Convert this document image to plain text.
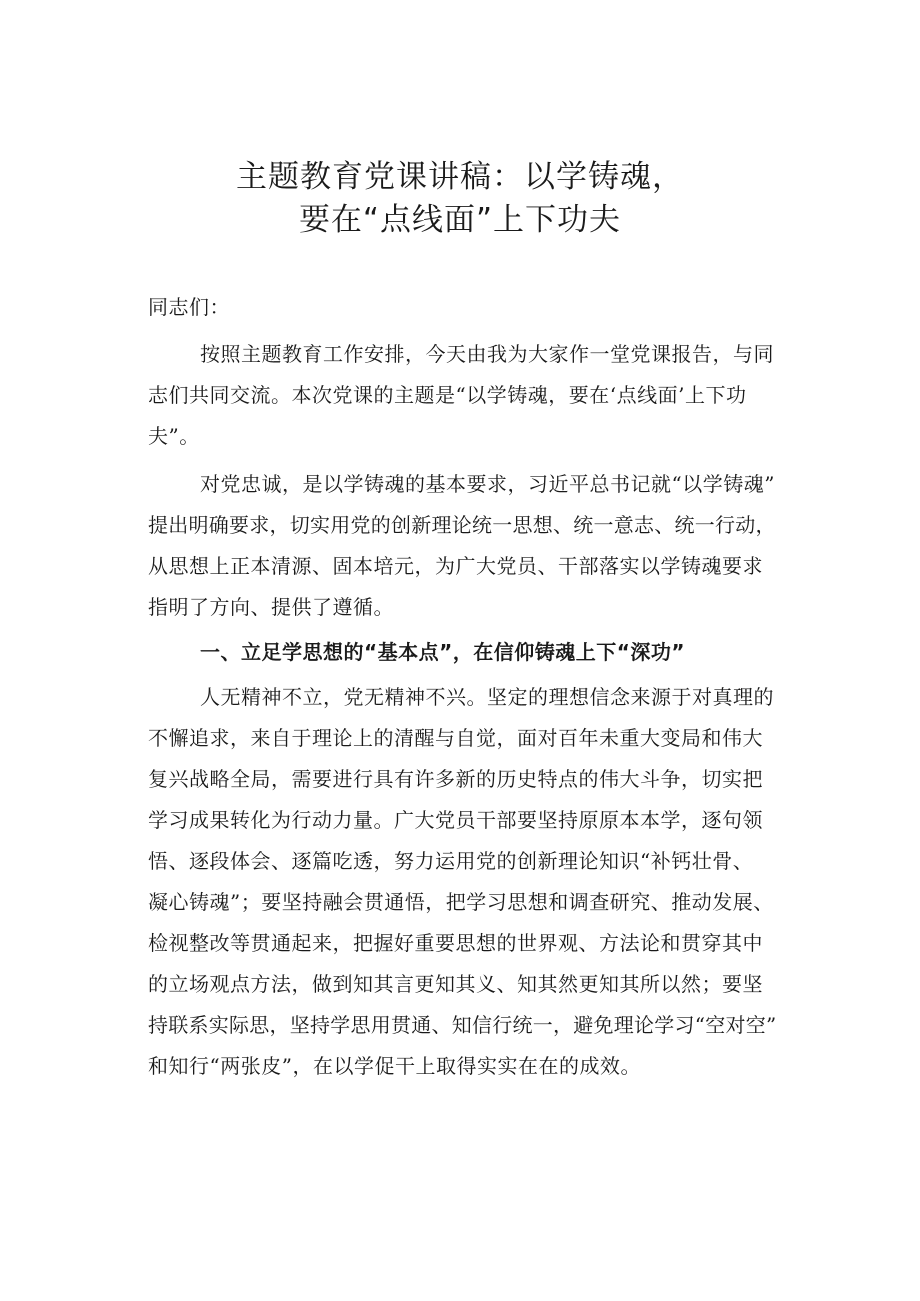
主题教育党课讲稿：以学铸魂，
要在“点线面”上下功夫

同志们：

按照主题教育工作安排，今天由我为大家作一堂党课报告，与同

志们共同交流。本次党课的主题是“以学铸魂，要在‘点线面’上下功

夫”。

对党忠诚，是以学铸魂的基本要求，习近平总书记就“以学铸魂”

提出明确要求，切实用党的创新理论统一思想、统一意志、统一行动，

从思想上正本清源、固本培元，为广大党员、干部落实以学铸魂要求

指明了方向、提供了遵循。

一、立足学思想的“基本点”，在信仰铸魂上下“深功”

人无精神不立，党无精神不兴。坚定的理想信念来源于对真理的

不懈追求，来自于理论上的清醒与自觉，面对百年未重大变局和伟大

复兴战略全局，需要进行具有许多新的历史特点的伟大斗争，切实把

学习成果转化为行动力量。广大党员干部要坚持原原本本学，逐句领

悟、逐段体会、逐篇吃透，努力运用党的创新理论知识“补钙壮骨、

凝心铸魂”；要坚持融会贯通悟，把学习思想和调查研究、推动发展、

检视整改等贯通起来，把握好重要思想的世界观、方法论和贯穿其中

的立场观点方法，做到知其言更知其义、知其然更知其所以然；要坚

持联系实际思，坚持学思用贯通、知信行统一，避免理论学习“空对空”

和知行“两张皮”，在以学促干上取得实实在在的成效。
